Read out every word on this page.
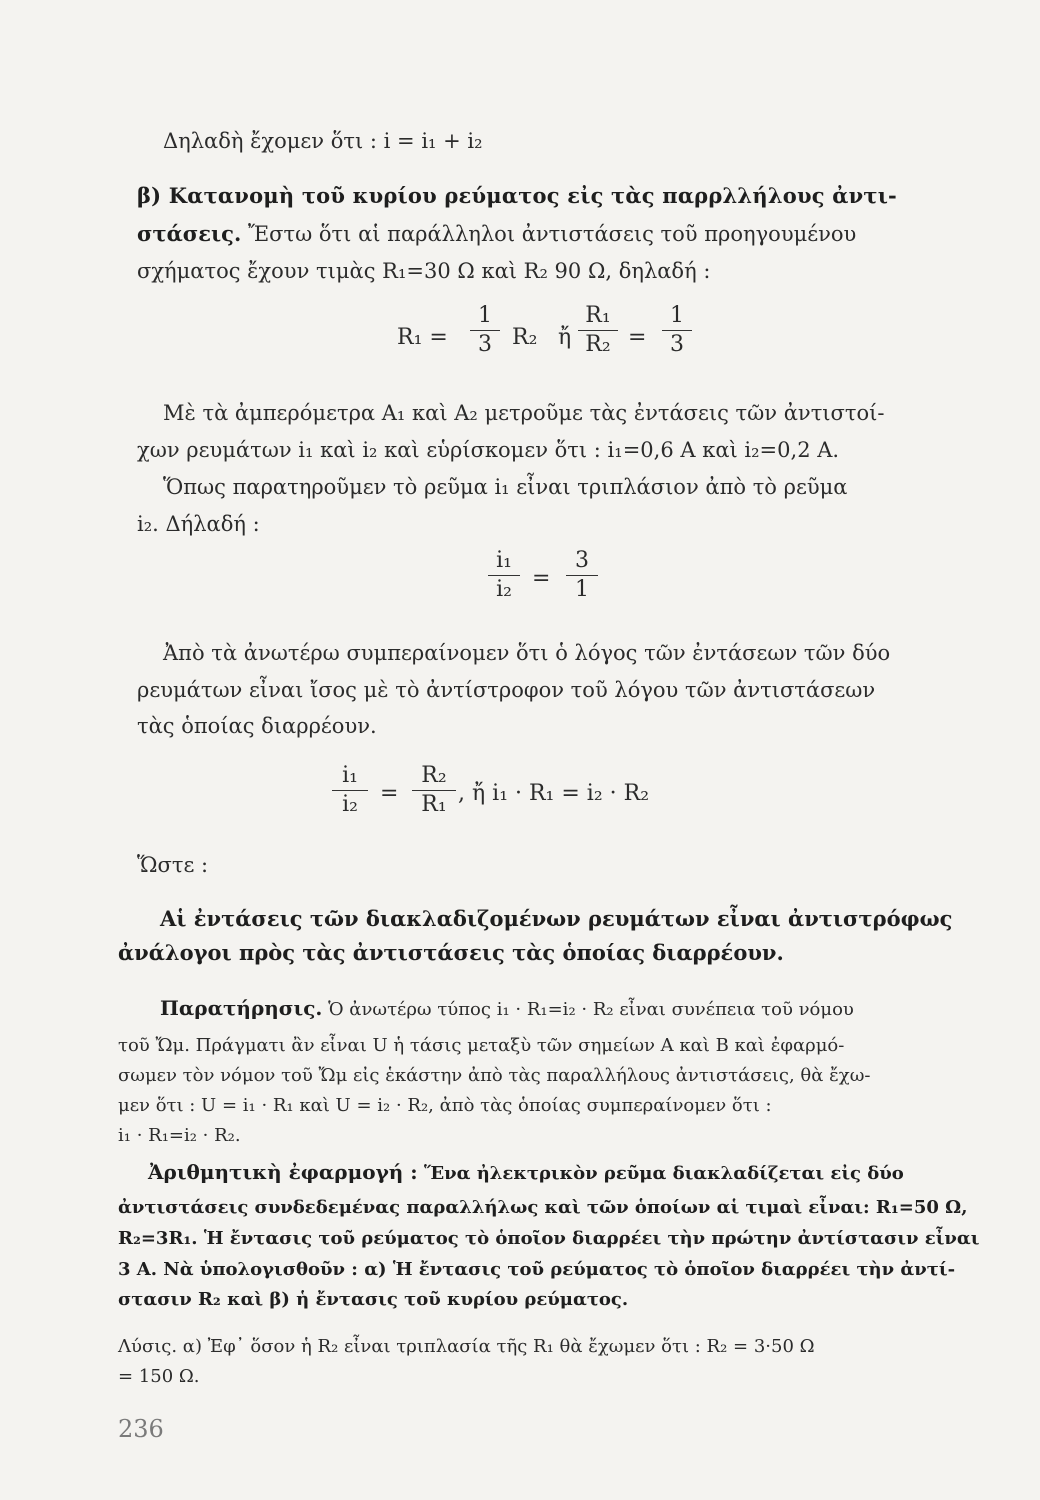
Δηλαδὴ ἔχομεν ὅτι : i = i₁ + i₂
β) Κατανομὴ τοῦ κυρίου ρεύματος εἰς τὰς παρρλλήλους ἀντι-
στάσεις. Ἔστω ὅτι αἱ παράλληλοι ἀντιστάσεις τοῦ προηγουμένου
σχήματος ἔχουν τιμὰς R₁=30 Ω καὶ R₂ 90 Ω, δηλαδή :
R₁ =
1
3 R₂ ἤ
R₁
R₂ =
1
3
Μὲ τὰ ἀμπερόμετρα A₁ καὶ A₂ μετροῦμε τὰς ἐντάσεις τῶν ἀντιστοί-
χων ρευμάτων i₁ καὶ i₂ καὶ εὑρίσκομεν ὅτι : i₁=0,6 A καὶ i₂=0,2 A.
Ὅπως παρατηροῦμεν τὸ ρεῦμα i₁ εἶναι τριπλάσιον ἀπὸ τὸ ρεῦμα
i₂. Δήλαδή :
i₁
i₂ =
3
1
Ἀπὸ τὰ ἀνωτέρω συμπεραίνομεν ὅτι ὁ λόγος τῶν ἐντάσεων τῶν δύο
ρευμάτων εἶναι ἴσος μὲ τὸ ἀντίστροφον τοῦ λόγου τῶν ἀντιστάσεων
τὰς ὁποίας διαρρέουν.
i₁
i₂	=
R₂
R₁ , ἤ i₁ · R₁ = i₂ · R₂
Ὥστε :
Αἱ ἐντάσεις τῶν διακλαδιζομένων ρευμάτων εἶναι ἀντιστρόφως
ἀνάλογοι πρὸς τὰς ἀντιστάσεις τὰς ὁποίας διαρρέουν.
Παρατήρησις. Ὁ ἀνωτέρω τύπος i₁ · R₁=i₂ · R₂ εἶναι συνέπεια τοῦ νόμου
τοῦ Ὤμ. Πράγματι ἂν εἶναι U ἡ τάσις μεταξὺ τῶν σημείων A καὶ B καὶ ἐφαρμό-
σωμεν τὸν νόμον τοῦ Ὤμ εἰς ἑκάστην ἀπὸ τὰς παραλλήλους ἀντιστάσεις, θὰ ἔχω-
μεν ὅτι : U = i₁ · R₁ καὶ U = i₂ · R₂, ἀπὸ τὰς ὁποίας συμπεραίνομεν ὅτι :
i₁ · R₁=i₂ · R₂.
Ἀριθμητικὴ ἐφαρμογή : Ἕνα ἠλεκτρικὸν ρεῦμα διακλαδίζεται εἰς δύο
ἀντιστάσεις συνδεδεμένας παραλλήλως καὶ τῶν ὁποίων αἱ τιμαὶ εἶναι: R₁=50 Ω,
R₂=3R₁. Ἡ ἔντασις τοῦ ρεύματος τὸ ὁποῖον διαρρέει τὴν πρώτην ἀντίστασιν εἶναι
3 A. Νὰ ὑπολογισθοῦν : α) Ἡ ἔντασις τοῦ ρεύματος τὸ ὁποῖον διαρρέει τὴν ἀντί-
στασιν R₂ καὶ β) ἡ ἔντασις τοῦ κυρίου ρεύματος.
Λύσις. α) Ἐφ᾽ ὅσον ἡ R₂ εἶναι τριπλασία τῆς R₁ θὰ ἔχωμεν ὅτι : R₂ = 3·50 Ω
= 150 Ω.
236
